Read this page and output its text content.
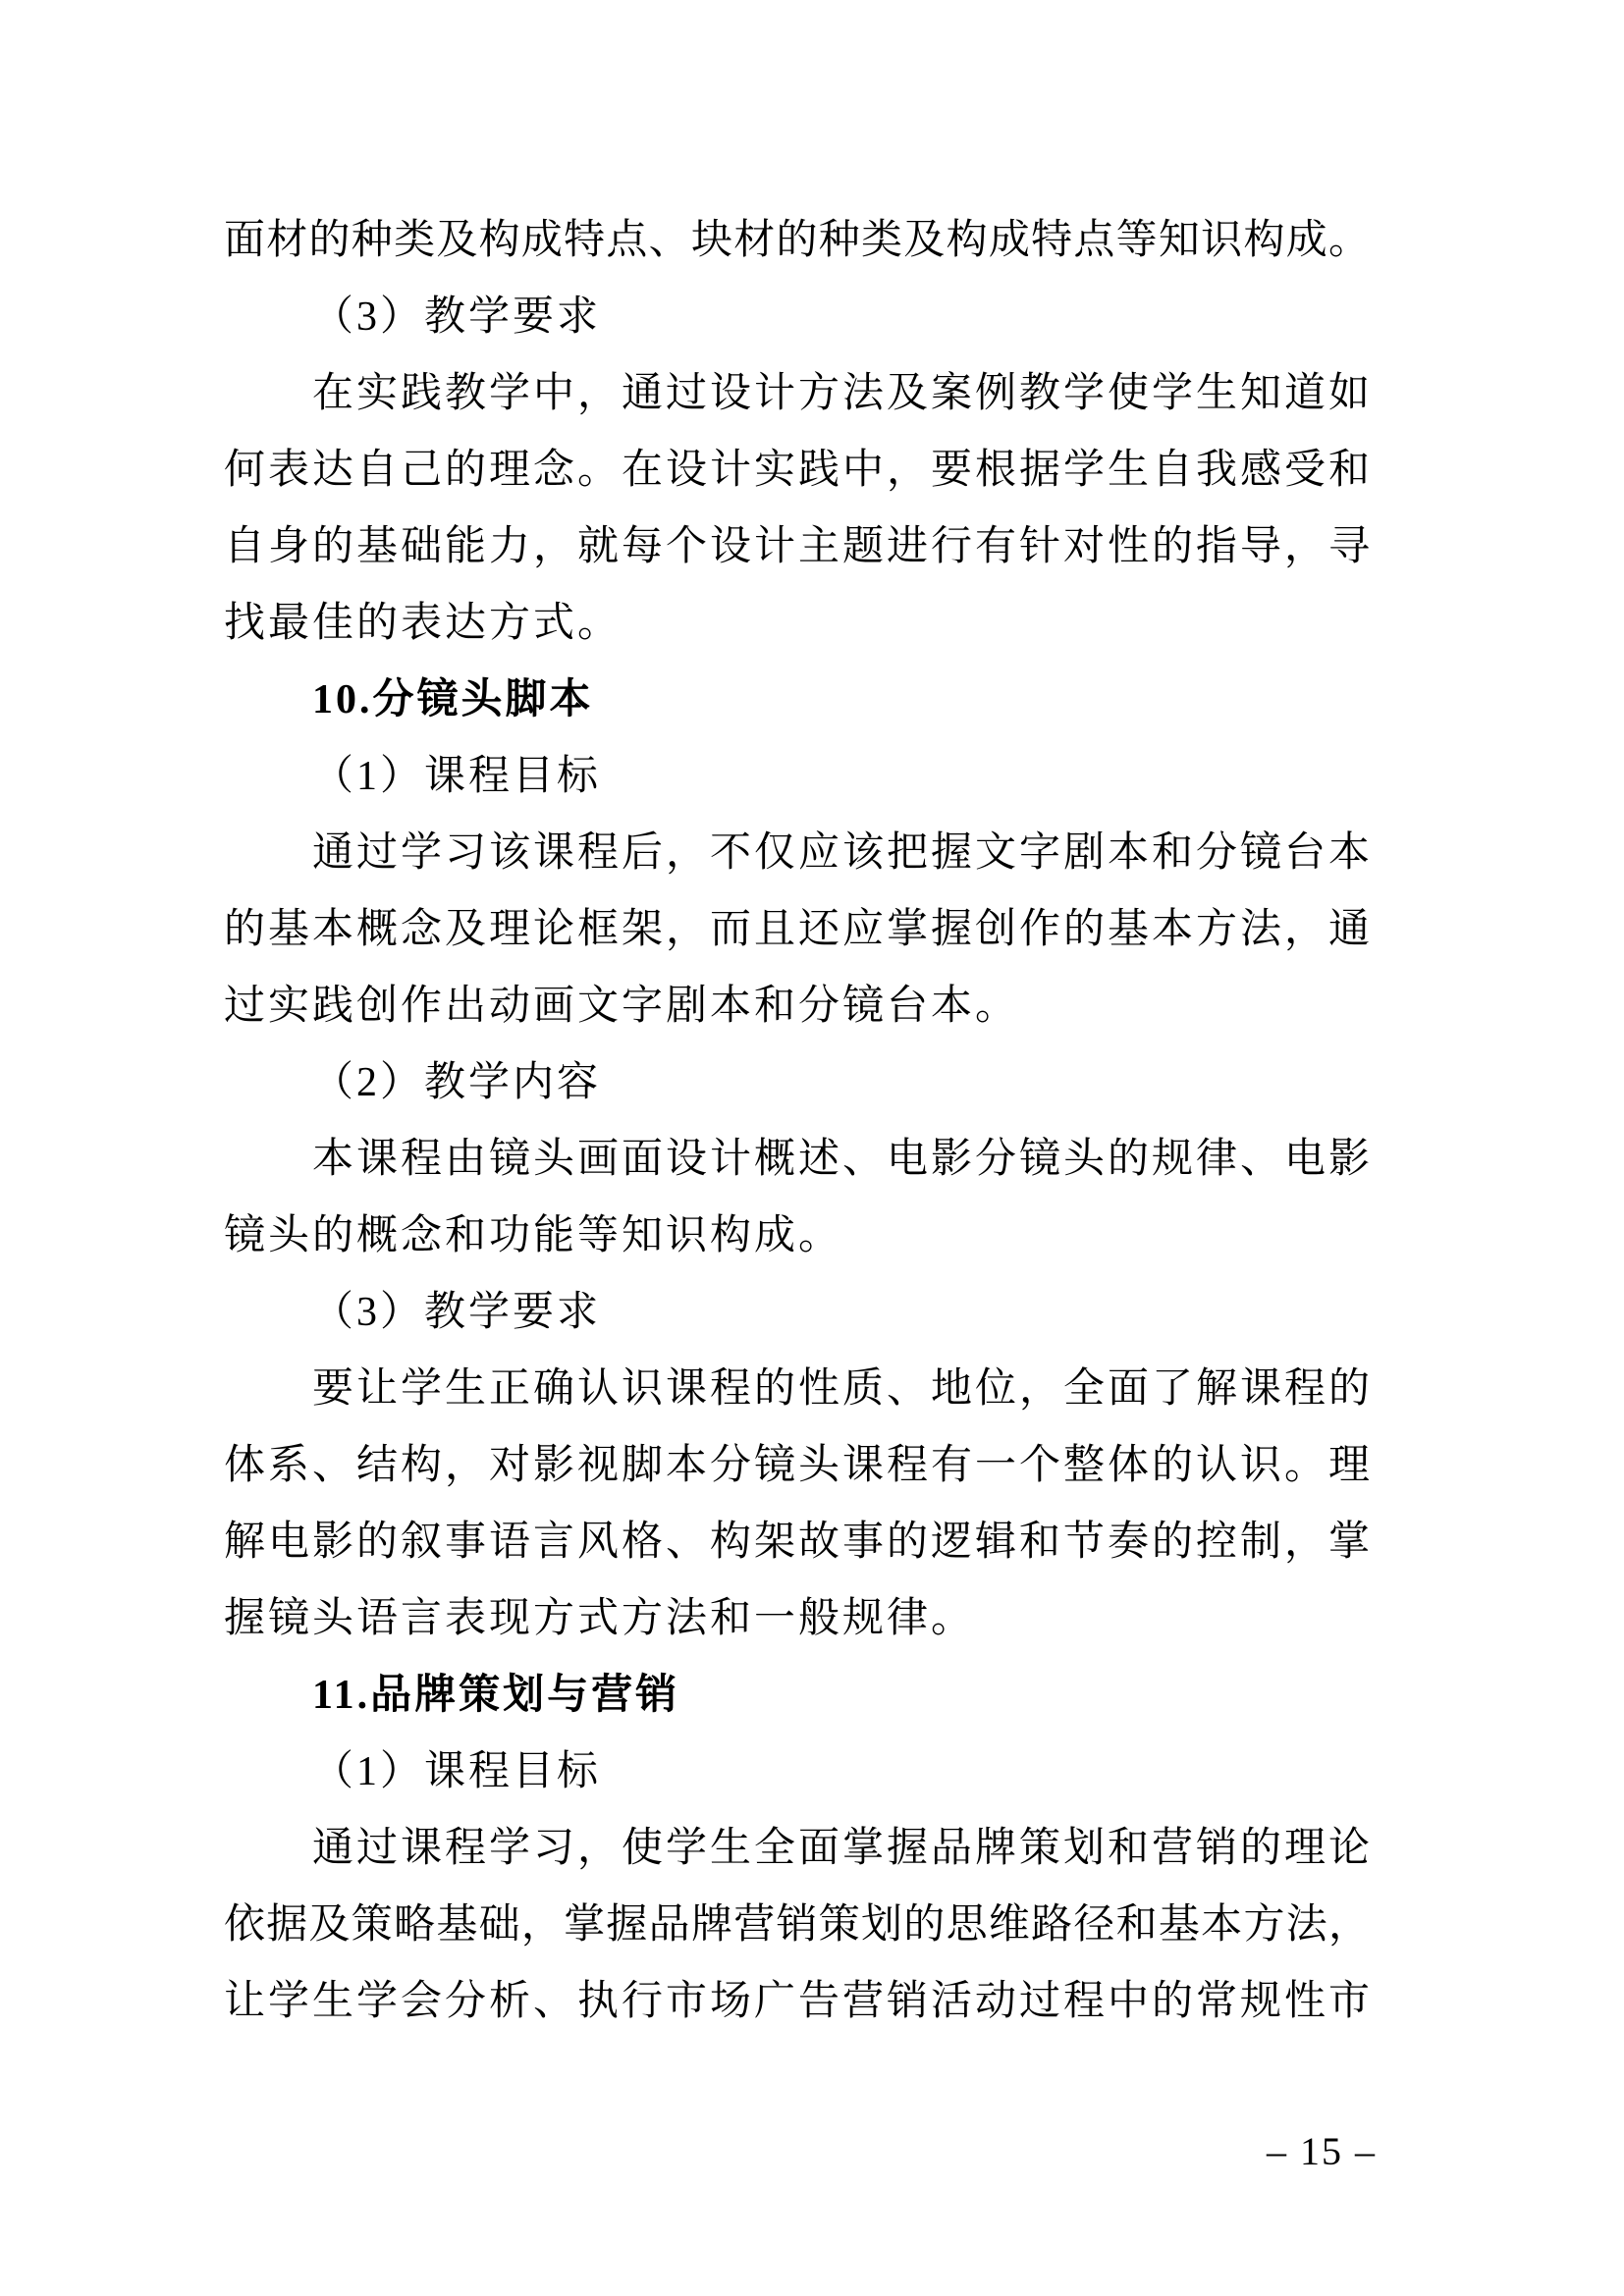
面材的种类及构成特点、块材的种类及构成特点等知识构成。
（3）教学要求
在实践教学中，通过设计方法及案例教学使学生知道如
何表达自己的理念。在设计实践中，要根据学生自我感受和
自身的基础能力，就每个设计主题进行有针对性的指导，寻
找最佳的表达方式。
10.分镜头脚本
（1）课程目标
通过学习该课程后，不仅应该把握文字剧本和分镜台本
的基本概念及理论框架，而且还应掌握创作的基本方法，通
过实践创作出动画文字剧本和分镜台本。
（2）教学内容
本课程由镜头画面设计概述、电影分镜头的规律、电影
镜头的概念和功能等知识构成。
（3）教学要求
要让学生正确认识课程的性质、地位，全面了解课程的
体系、结构，对影视脚本分镜头课程有一个整体的认识。理
解电影的叙事语言风格、构架故事的逻辑和节奏的控制，掌
握镜头语言表现方式方法和一般规律。
11.品牌策划与营销
（1）课程目标
通过课程学习，使学生全面掌握品牌策划和营销的理论
依据及策略基础，掌握品牌营销策划的思维路径和基本方法，
让学生学会分析、执行市场广告营销活动过程中的常规性市
– 15 –
